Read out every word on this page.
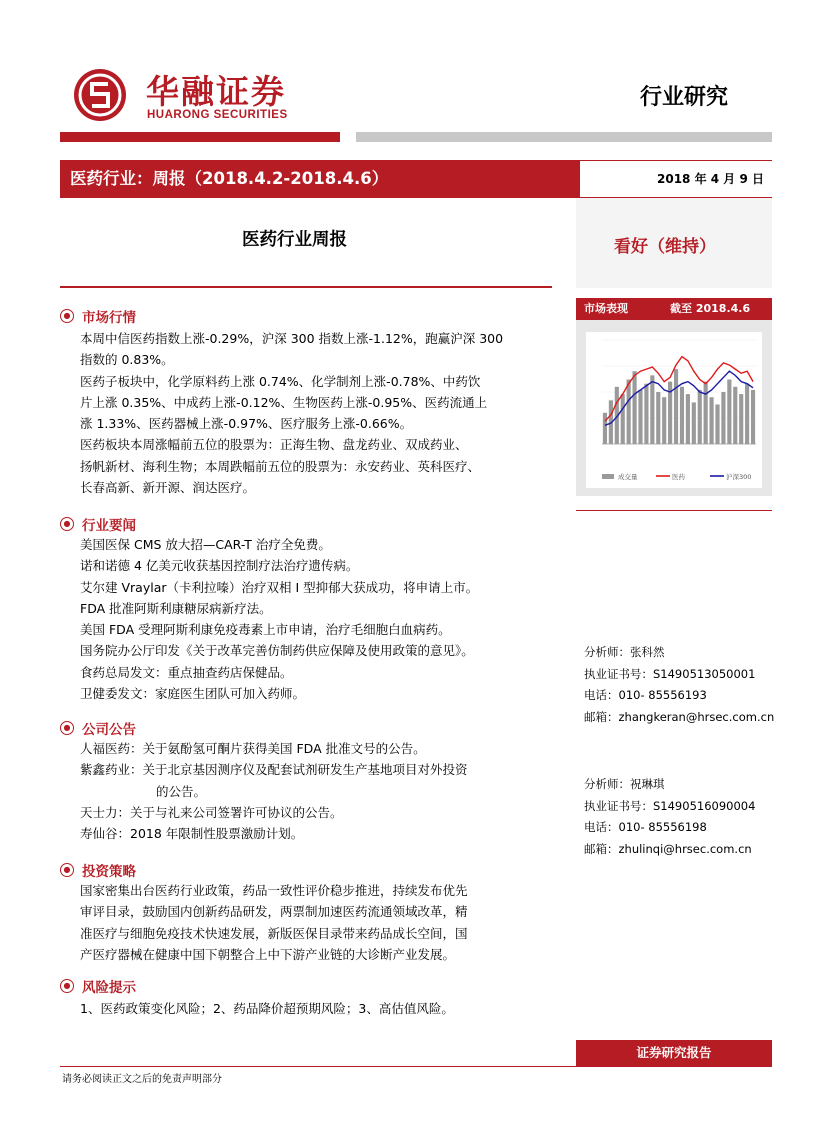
华融证券
HUARONG SECURITIES
行业研究
医药行业：周报（2018.4.2-2018.4.6）	2018 年 4 月 9 日
医药行业周报	看好（维持）
● 市场行情
本周中信医药指数上涨-0.29%，沪深 300 指数上涨-1.12%，跑赢沪深 300
指数的 0.83%。
医药子板块中，化学原料药上涨 0.74%、化学制剂上涨-0.78%、中药饮
片上涨 0.35%、中成药上涨-0.12%、生物医药上涨-0.95%、医药流通上
涨 1.33%、医药器械上涨-0.97%、医疗服务上涨-0.66%。
医药板块本周涨幅前五位的股票为：正海生物、盘龙药业、双成药业、
扬帆新材、海利生物；本周跌幅前五位的股票为：永安药业、英科医疗、
长春高新、新开源、润达医疗。
● 行业要闻
美国医保 CMS 放大招—CAR-T 治疗全免费。
诺和诺德 4 亿美元收获基因控制疗法治疗遗传病。
艾尔建 Vraylar（卡利拉嗪）治疗双相 I 型抑郁大获成功，将申请上市。
FDA 批准阿斯利康糖尿病新疗法。
美国 FDA 受理阿斯利康免疫毒素上市申请，治疗毛细胞白血病药。
国务院办公厅印发《关于改革完善仿制药供应保障及使用政策的意见》。
食药总局发文：重点抽查药店保健品。
卫健委发文：家庭医生团队可加入药师。
● 公司公告
人福医药：关于氨酚氢可酮片获得美国 FDA 批准文号的公告。
紫鑫药业：关于北京基因测序仪及配套试剂研发生产基地项目对外投资
的公告。
天士力：关于与礼来公司签署许可协议的公告。
寿仙谷：2018 年限制性股票激励计划。
● 投资策略
国家密集出台医药行业政策，药品一致性评价稳步推进，持续发布优先
审评目录，鼓励国内创新药品研发，两票制加速医药流通领域改革，精
准医疗与细胞免疫技术快速发展，新版医保目录带来药品成长空间，国
产医疗器械在健康中国下朝整合上中下游产业链的大诊断产业发展。
● 风险提示
1、医药政策变化风险；2、药品降价超预期风险；3、高估值风险。
市场表现	截至 2018.4.6
成交量	医药	沪深300
分析师：张科然
执业证书号：S1490513050001
电话：010- 85556193
邮箱：zhangkeran@hrsec.com.cn
分析师：祝琳琪
执业证书号：S1490516090004
电话：010- 85556198
邮箱：zhulinqi@hrsec.com.cn
证券研究报告
请务必阅读正文之后的免责声明部分
